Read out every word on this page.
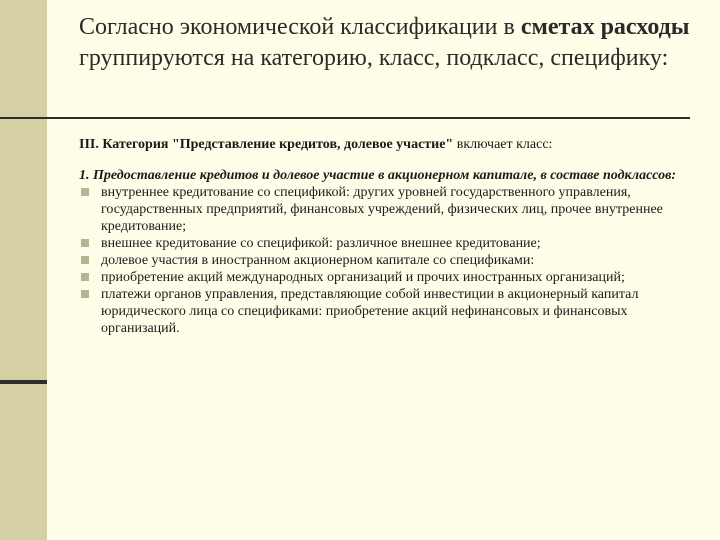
Согласно экономической классификации в сметах расходы группируются на категорию, класс, подкласс, специфику:

III. Категория "Представление кредитов, долевое участие" включает класс:

1. Предоставление кредитов и долевое участие в акционерном капитале, в составе подклассов:

внутреннее кредитование со спецификой: других уровней государственного управления, государственных предприятий, финансовых учреждений, физических лиц, прочее внутреннее кредитование;
внешнее кредитование со спецификой: различное внешнее кредитование;
долевое участия в иностранном акционерном капитале со спецификами:
приобретение акций международных организаций и прочих иностранных организаций;
платежи органов управления, представляющие собой инвестиции в акционерный капитал юридического лица со спецификами: приобретение акций нефинансовых и финансовых организаций.
